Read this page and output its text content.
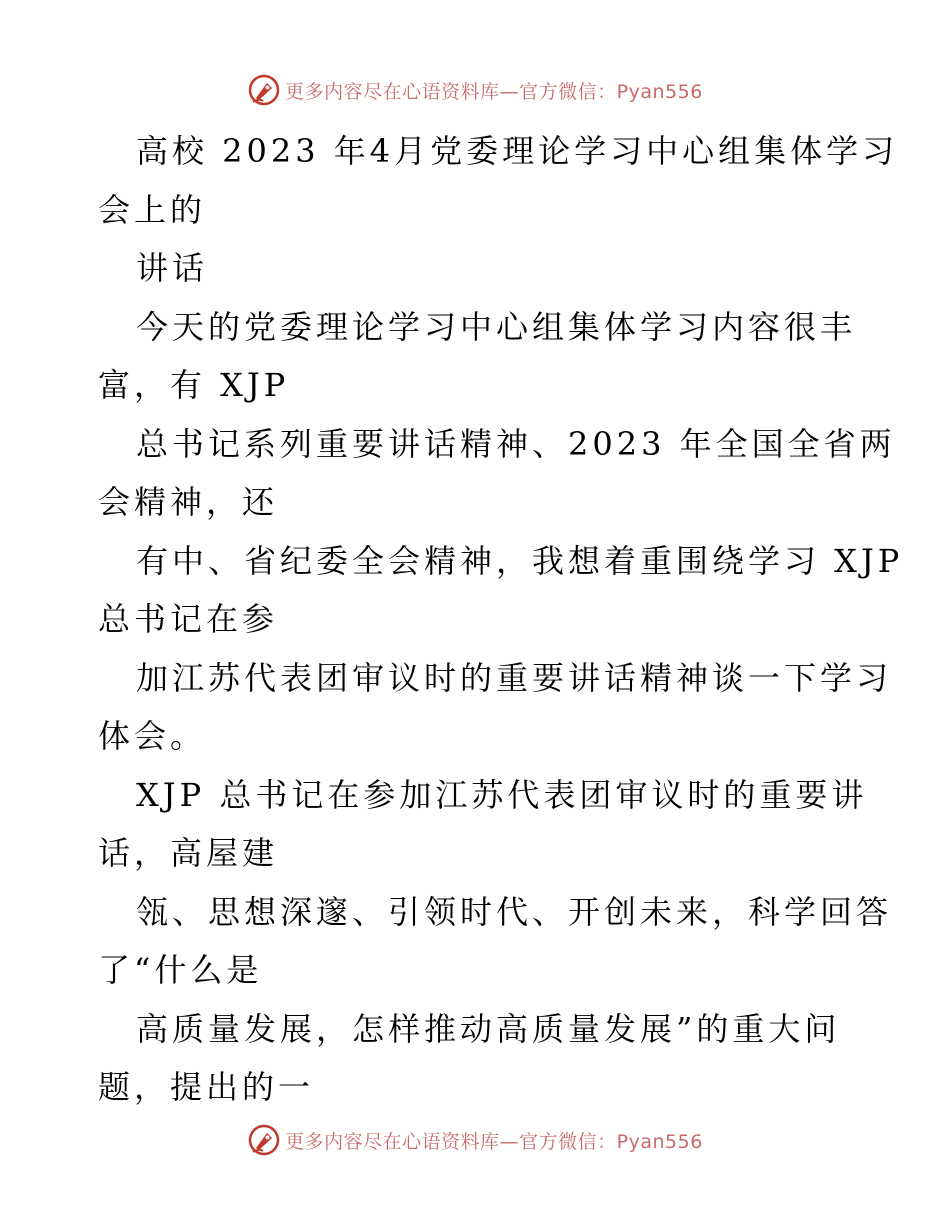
更多内容尽在心语资料库—官方微信：Pyan556
高校 2023 年4月党委理论学习中心组集体学习
会上的
讲话
今天的党委理论学习中心组集体学习内容很丰
富，有 XJP
总书记系列重要讲话精神、2023 年全国全省两
会精神，还
有中、省纪委全会精神，我想着重围绕学习 XJP
总书记在参
加江苏代表团审议时的重要讲话精神谈一下学习
体会。
XJP 总书记在参加江苏代表团审议时的重要讲
话，高屋建
瓴、思想深邃、引领时代、开创未来，科学回答
了“什么是
高质量发展，怎样推动高质量发展”的重大问
题，提出的一
更多内容尽在心语资料库—官方微信：Pyan556
